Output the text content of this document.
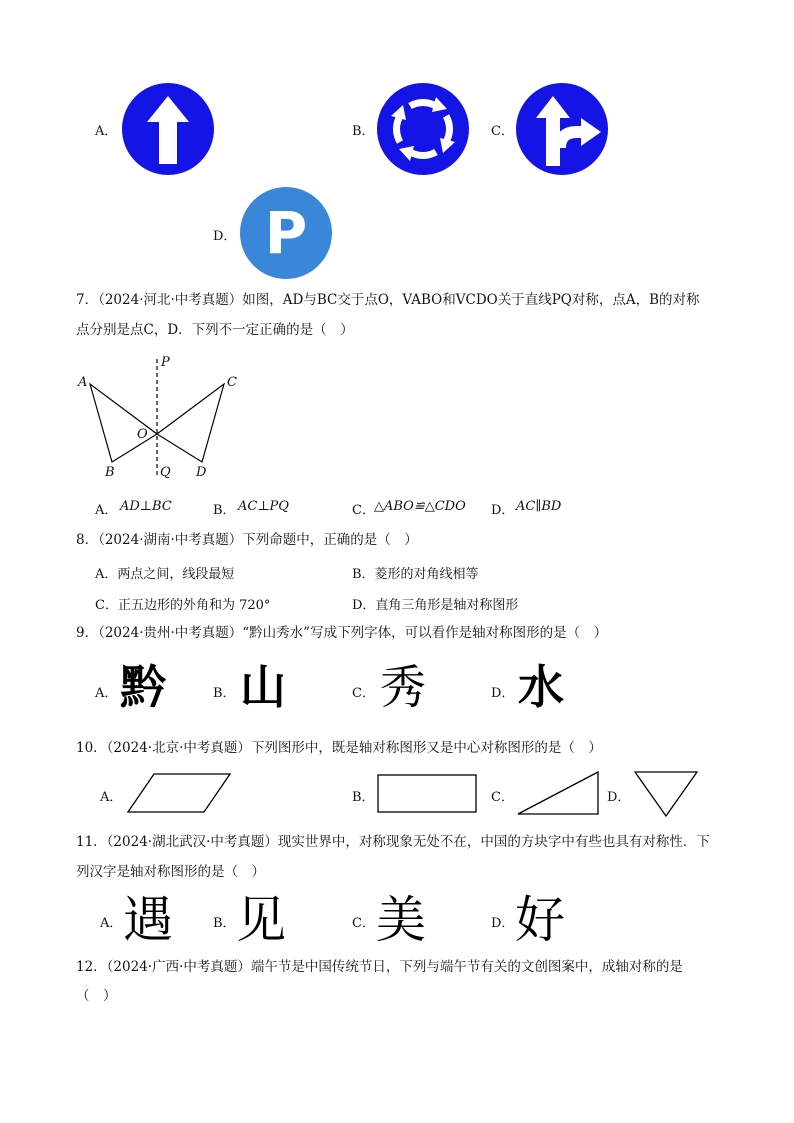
A．	B．	C．
D． P
7．（2024·河北·中考真题）如图，AD与BC交于点O，VABO和VCDO关于直线PQ对称，点A，B的对称
点分别是点C，D．下列不一定正确的是（　）
A
B
C
D
O
P
Q
A． AD⊥BC	B． AC⊥PQ	C． △ABO≌△CDO D． AC∥BD
8．（2024·湖南·中考真题）下列命题中，正确的是（　）
A．两点之间，线段最短	B．菱形的对角线相等
C．正五边形的外角和为 720°	D．直角三角形是轴对称图形
9．（2024·贵州·中考真题）“黔山秀水”写成下列字体，可以看作是轴对称图形的是（　）
A． 黔	B． 山	C． 秀	D． 水
10．（2024·北京·中考真题）下列图形中，既是轴对称图形又是中心对称图形的是（　）
A．	B．	C．	D．
11．（2024·湖北武汉·中考真题）现实世界中，对称现象无处不在，中国的方块字中有些也具有对称性．下
列汉字是轴对称图形的是（　）
A． 遇	B． 见	C． 美	D． 好
12．（2024·广西·中考真题）端午节是中国传统节日，下列与端午节有关的文创图案中，成轴对称的是
（　）
